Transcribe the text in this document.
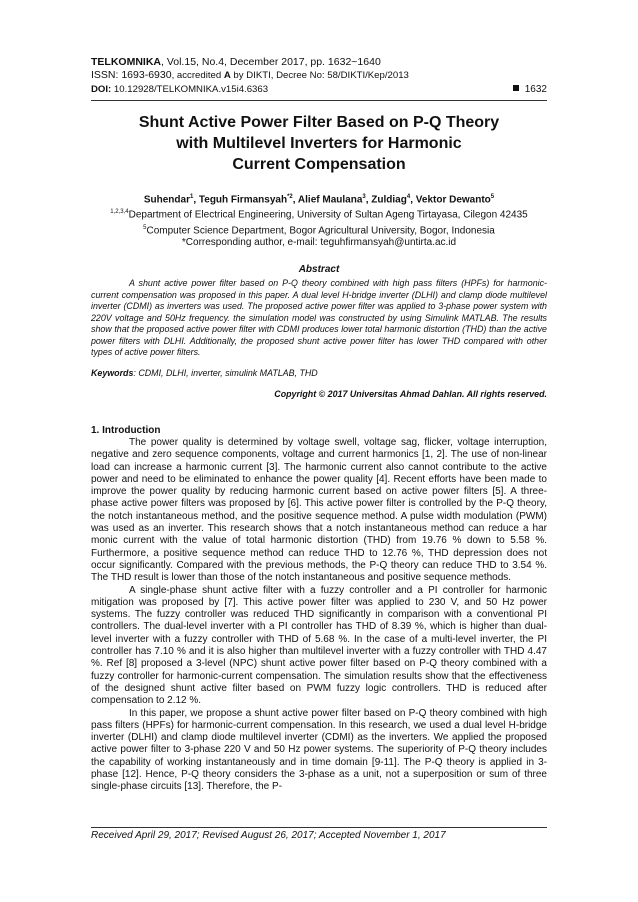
TELKOMNIKA, Vol.15, No.4, December 2017, pp. 1632~1640
ISSN: 1693-6930, accredited A by DIKTI, Decree No: 58/DIKTI/Kep/2013
DOI: 10.12928/TELKOMNIKA.v15i4.6363	1632
Shunt Active Power Filter Based on P-Q Theory
with Multilevel Inverters for Harmonic
Current Compensation
Suhendar$^1$, Teguh Firmansyah$^{*2}$, Alief Maulana$^3$, Zuldiag$^4$, Vektor Dewanto$^5$
$^{1,2,3,4}$Department of Electrical Engineering, University of Sultan Ageng Tirtayasa, Cilegon 42435
$^5$Computer Science Department, Bogor Agricultural University, Bogor, Indonesia
*Corresponding author, e-mail: teguhfirmansyah@untirta.ac.id
Abstract
A shunt active power filter based on P-Q theory combined with high pass filters (HPFs) for harmonic-current compensation was proposed in this paper. A dual level H-bridge inverter (DLHI) and clamp diode multilevel inverter (CDMI) as inverters was used. The proposed active power filter was applied to 3-phase power system with 220V voltage and 50Hz frequency. the simulation model was constructed by using Simulink MATLAB. The results show that the proposed active power filter with CDMI produces lower total harmonic distortion (THD) than the active power filters with DLHI. Additionally, the proposed shunt active power filter has lower THD compared with other types of active power filters.
Keywords: CDMI, DLHI, inverter, simulink MATLAB, THD
Copyright © 2017 Universitas Ahmad Dahlan. All rights reserved.
1. Introduction

The power quality is determined by voltage swell, voltage sag, flicker, voltage interruption, negative and zero sequence components, voltage and current harmonics [1, 2]. The use of non-linear load can increase a harmonic current [3]. The harmonic current also cannot contribute to the active power and need to be eliminated to enhance the power quality [4]. Recent efforts have been made to improve the power quality by reducing harmonic current based on active power filters [5]. A three-phase active power filters was proposed by [6]. This active power filter is controlled by the P-Q theory, the notch instantaneous method, and the positive sequence method. A pulse width modulation (PWM) was used as an inverter. This research shows that a notch instantaneous method can reduce a har monic current with the value of total harmonic distortion (THD) from 19.76 % down to 5.58 %. Furthermore, a positive sequence method can reduce THD to 12.76 %, THD depression does not occur significantly. Compared with the previous methods, the P-Q theory can reduce THD to 3.54 %. The THD result is lower than those of the notch instantaneous and positive sequence methods.

A single-phase shunt active filter with a fuzzy controller and a PI controller for harmonic mitigation was proposed by [7]. This active power filter was applied to 230 V, and 50 Hz power systems. The fuzzy controller was reduced THD significantly in comparison with a conventional PI controllers. The dual-level inverter with a PI controller has THD of 8.39 %, which is higher than dual-level inverter with a fuzzy controller with THD of 5.68 %. In the case of a multi-level inverter, the PI controller has 7.10 % and it is also higher than multilevel inverter with a fuzzy controller with THD 4.47 %. Ref [8] proposed a 3-level (NPC) shunt active power filter based on P-Q theory combined with a fuzzy controller for harmonic-current compensation. The simulation results show that the effectiveness of the designed shunt active filter based on PWM fuzzy logic controllers. THD is reduced after compensation to 2.12 %.

In this paper, we propose a shunt active power filter based on P-Q theory combined with high pass filters (HPFs) for harmonic-current compensation. In this research, we used a dual level H-bridge inverter (DLHI) and clamp diode multilevel inverter (CDMI) as the inverters. We applied the proposed active power filter to 3-phase 220 V and 50 Hz power systems. The superiority of P-Q theory includes the capability of working instantaneously and in time domain [9-11]. The P-Q theory is applied in 3-phase [12]. Hence, P-Q theory considers the 3-phase as a unit, not a superposition or sum of three single-phase circuits [13]. Therefore, the P-

Received April 29, 2017; Revised August 26, 2017; Accepted November 1, 2017
